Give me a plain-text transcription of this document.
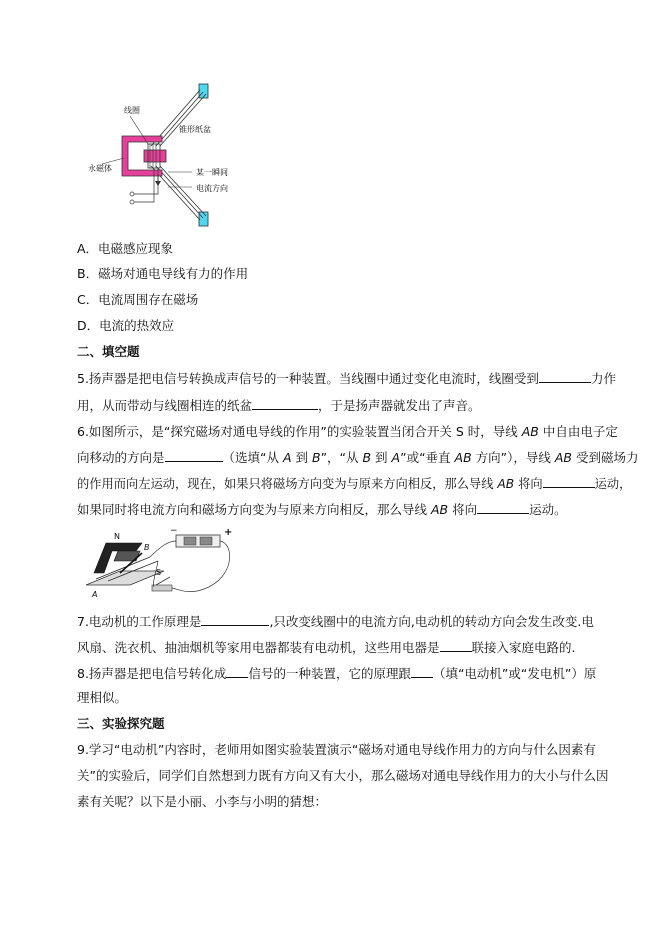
线圈
锥形纸盆
永磁体	某一瞬间
电流方向
A．电磁感应现象
B．磁场对通电导线有力的作用
C．电流周围存在磁场
D．电流的热效应
二、填空题
5.扬声器是把电信号转换成声信号的一种装置。当线圈中通过变化电流时，线圈受到	力作
用，从而带动与线圈相连的纸盆	，于是扬声器就发出了声音。
6.如图所示，是“探究磁场对通电导线的作用”的实验装置当闭合开关 S 时，导线 AB 中自由电子定
向移动的方向是	（选填“从 A 到 B”，“从 B 到 A”或“垂直 AB 方向”），导线 AB 受到磁场力
的作用而向左运动，现在，如果只将磁场方向变为与原来方向相反，那么导线 AB 将向	运动，
如果同时将电流方向和磁场方向变为与原来方向相反，那么导线 AB 将向	运动。
N
B
A
S
−	+
7.电动机的工作原理是	,只改变线圈中的电流方向,电动机的转动方向会发生改变.电
风扇、洗衣机、抽油烟机等家用电器都装有电动机，这些用电器是	联接入家庭电路的.
8.扬声器是把电信号转化成 信号的一种装置，它的原理跟 （填“电动机”或“发电机”）原
理相似。
三、实验探究题
9.学习“电动机”内容时，老师用如图实验装置演示“磁场对通电导线作用力的方向与什么因素有
关”的实验后，同学们自然想到力既有方向又有大小，那么磁场对通电导线作用力的大小与什么因
素有关呢？以下是小丽、小李与小明的猜想：
